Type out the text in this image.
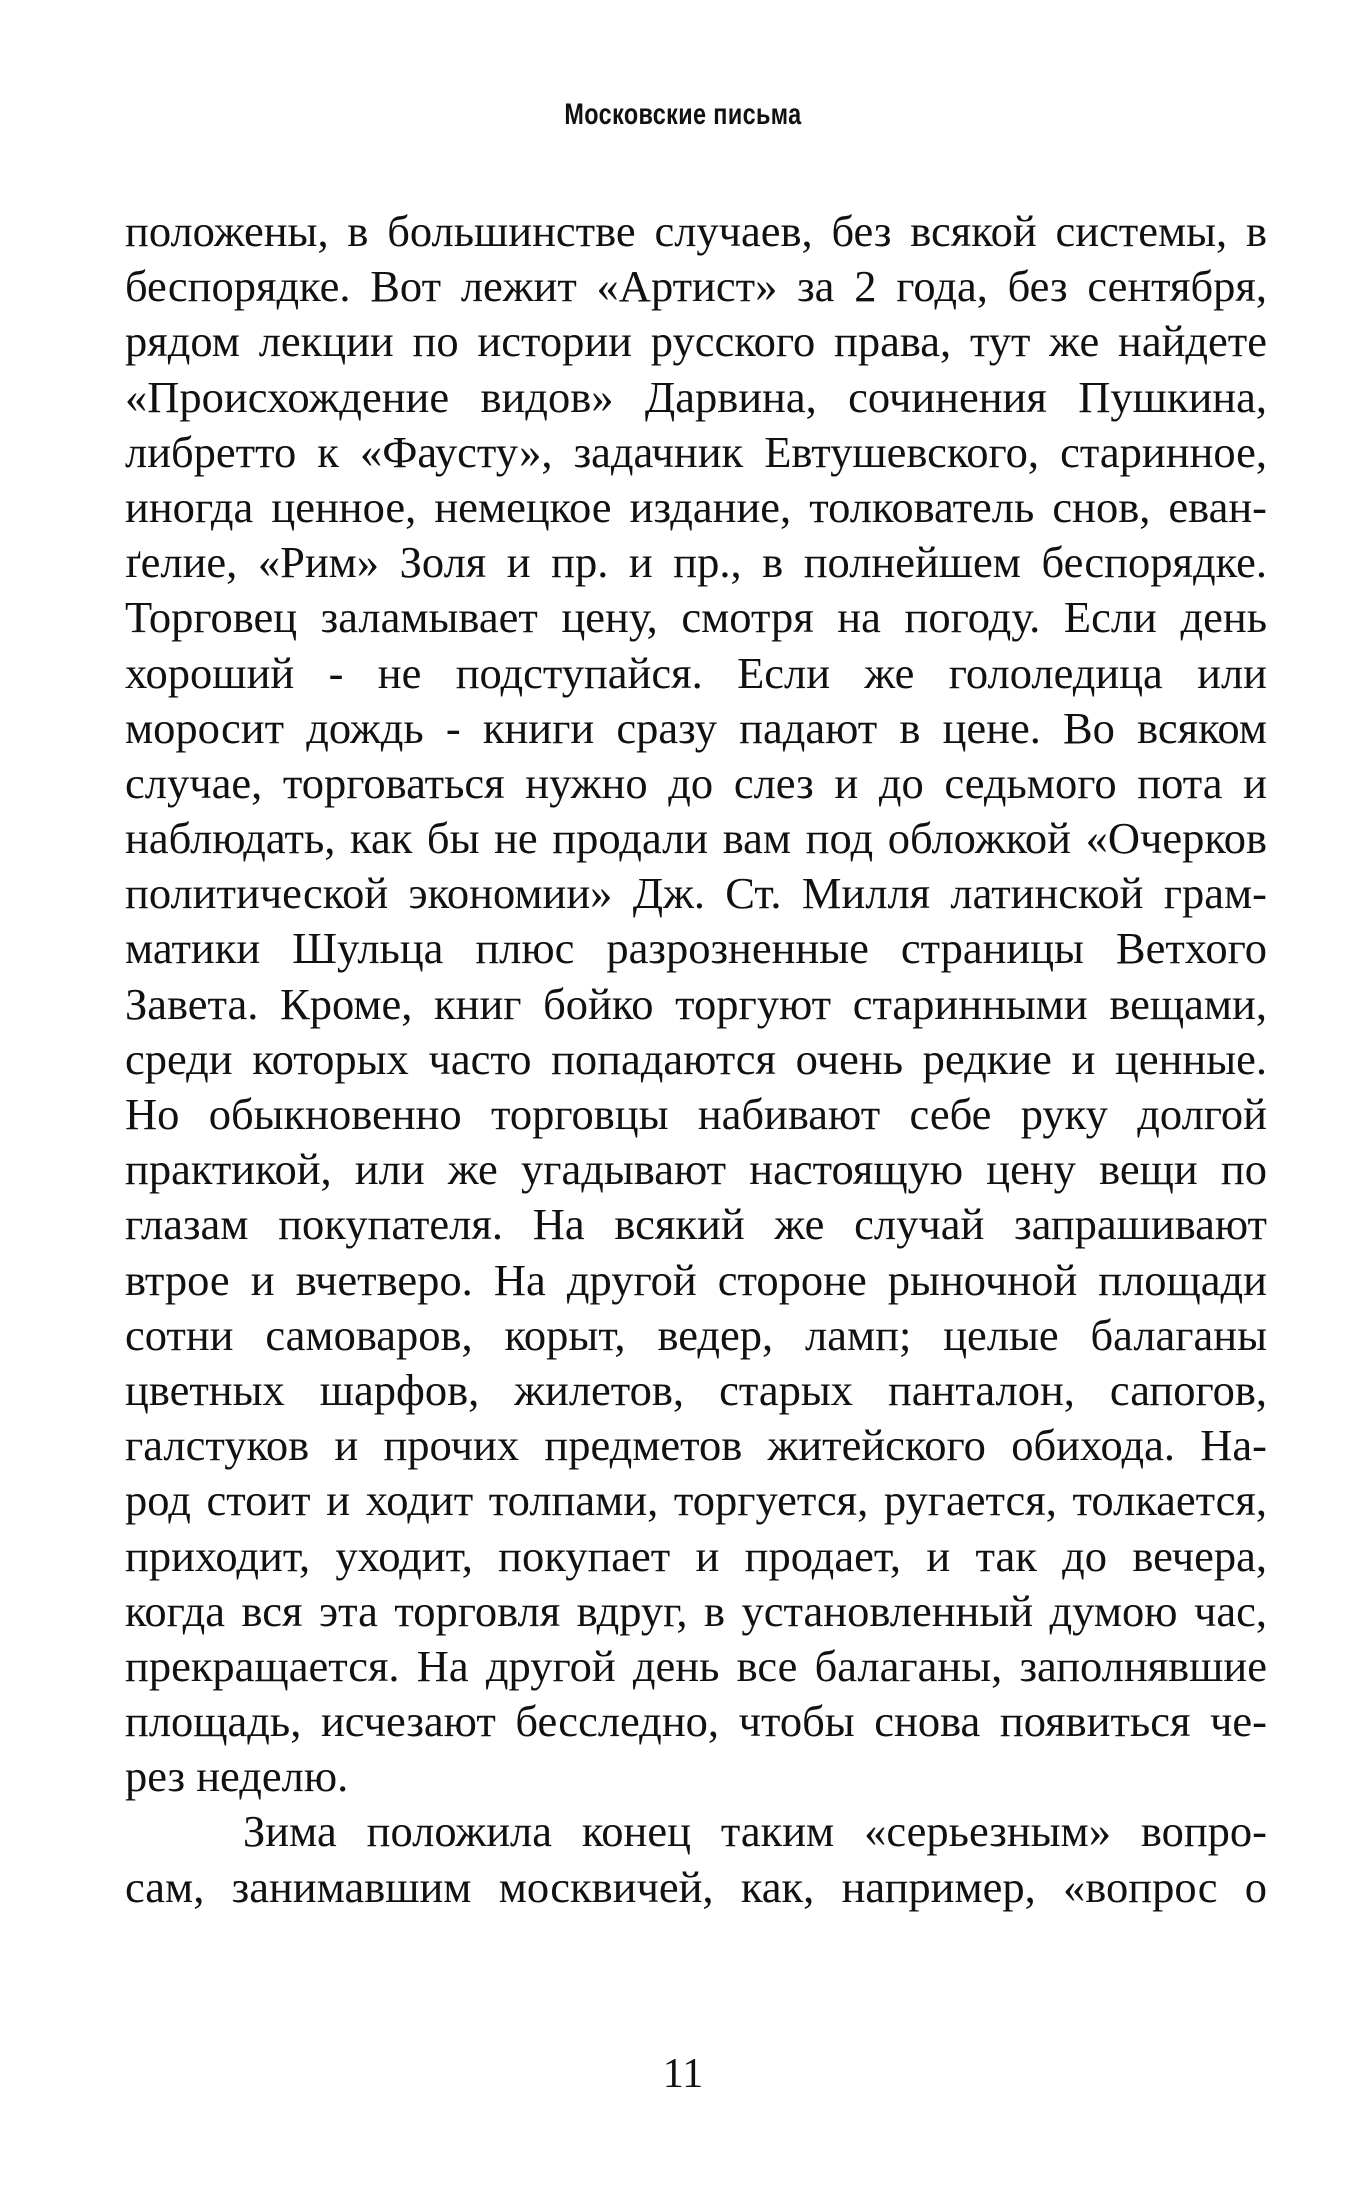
Московские письма
положены, в большинстве случаев, без всякой системы, в
беспорядке. Вот лежит «Артист» за 2 года, без сентября,
рядом лекции по истории русского права, тут же найдете
«Происхождение видов» Дарвина, сочинения Пушкина,
либретто к «Фаусту», задачник Евтушевского, старинное,
иногда ценное, немецкое издание, толкователь снов, еван-
ґелие, «Рим» Золя и пр. и пр., в полнейшем беспорядке.
Торговец заламывает цену, смотря на погоду. Если день
хороший - не подступайся. Если же гололедица или
моросит дождь - книги сразу падают в цене. Во всяком
случае, торговаться нужно до слез и до седьмого пота и
наблюдать, как бы не продали вам под обложкой «Очерков
политической экономии» Дж. Ст. Милля латинской грам-
матики Шульца плюс разрозненные страницы Ветхого
Завета. Кроме, книг бойко торгуют старинными вещами,
среди которых часто попадаются очень редкие и ценные.
Но обыкновенно торговцы набивают себе руку долгой
практикой, или же угадывают настоящую цену вещи по
глазам покупателя. На всякий же случай запрашивают
втрое и вчетверо. На другой стороне рыночной площади
сотни самоваров, корыт, ведер, ламп; целые балаганы
цветных шарфов, жилетов, старых панталон, сапогов,
галстуков и прочих предметов житейского обихода. На-
род стоит и ходит толпами, торгуется, ругается, толкается,
приходит, уходит, покупает и продает, и так до вечера,
когда вся эта торговля вдруг, в установленный думою час,
прекращается. На другой день все балаганы, заполнявшие
площадь, исчезают бесследно, чтобы снова появиться че-
рез неделю.
Зима положила конец таким «серьезным» вопро-
сам, занимавшим москвичей, как, например, «вопрос о
11
